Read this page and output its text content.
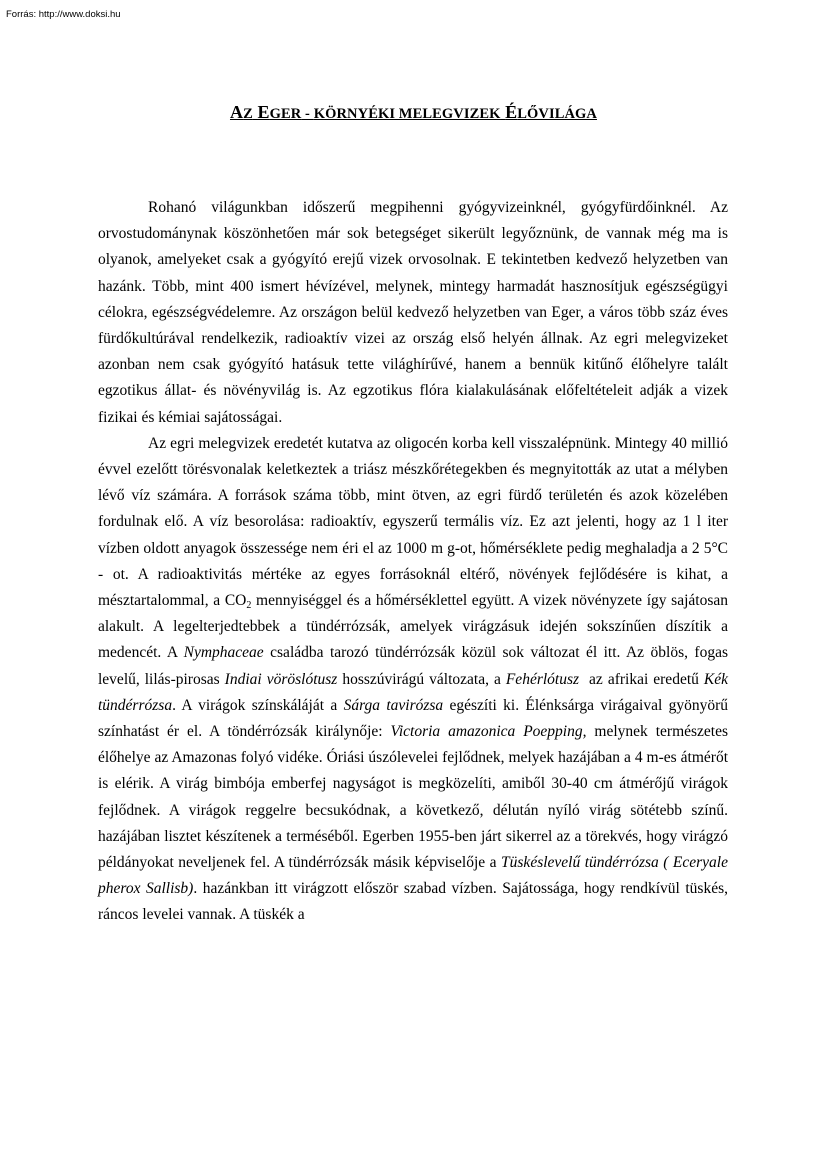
Forrás: http://www.doksi.hu
AZ EGER - KÖRNYÉKI MELEGVIZEK ÉLŐVILÁGA

Rohanó világunkban időszerű megpihenni gyógyvizeinknél, gyógyfürdőinknél. Az orvostudománynak köszönhetően már sok betegséget sikerült legyőznünk, de vannak még ma is olyanok, amelyeket csak a gyógyító erejű vizek orvosolnak. E tekintetben kedvező helyzetben van hazánk. Több, mint 400 ismert hévízével, melynek, mintegy harmadát hasznosítjuk egészségügyi célokra, egészségvédelemre. Az országon belül kedvező helyzetben van Eger, a város több száz éves fürdőkultúrával rendelkezik, radioaktív vizei az ország első helyén állnak. Az egri melegvizeket azonban nem csak gyógyító hatásuk tette világhírűvé, hanem a bennük kitűnő élőhelyre talált egzotikus állat- és növényvilág is. Az egzotikus flóra kialakulásának előfeltételeit adják a vizek fizikai és kémiai sajátosságai.

Az egri melegvizek eredetét kutatva az oligocén korba kell visszalépnünk. Mintegy 40 millió évvel ezelőtt törésvonalak keletkeztek a triász mészkőrétegekben és megnyitották az utat a mélyben lévő víz számára. A források száma több, mint ötven, az egri fürdő területén és azok közelében fordulnak elő. A víz besorolása: radioaktív, egyszerű termális víz. Ez azt jelenti, hogy az 1 l iter vízben oldott anyagok összessége nem éri el az 1000 m g-ot, hőmérséklete pedig meghaladja a 2 5°C - ot. A radioaktivitás mértéke az egyes forrásoknál eltérő, növények fejlődésére is kihat, a mésztartalommal, a $CO_2$ mennyiséggel és a hőmérséklettel együtt. A vizek növényzete így sajátosan alakult. A legelterjedtebbek a tündérrózsák, amelyek virágzásuk idején sokszínűen díszítik a medencét. A Nymphaceae családba tarozó tündérrózsák közül sok változat él itt. Az öblös, fogas levelű, lilás-pirosas Indiai vöröslótusz hosszúvirágú változata, a Fehérlótusz  az afrikai eredetű Kék tündérrózsa. A virágok színskáláját a Sárga tavirózsa egészíti ki. Élénksárga virágaival gyönyörű színhatást ér el. A töndérrózsák királynője: Victoria amazonica Poepping, melynek természetes élőhelye az Amazonas folyó vidéke. Óriási úszólevelei fejlődnek, melyek hazájában a 4 m-es átmérőt is elérik. A virág bimbója emberfej nagyságot is megközelíti, amiből 30-40 cm átmérőjű virágok fejlődnek. A virágok reggelre becsukódnak, a következő, délután nyíló virág sötétebb színű. hazájában lisztet készítenek a terméséből. Egerben 1955-ben járt sikerrel az a törekvés, hogy virágzó példányokat neveljenek fel. A tündérrózsák másik képviselője a Tüskéslevelű tündérrózsa ( Eceryale pherox Sallisb). hazánkban itt virágzott először szabad vízben. Sajátossága, hogy rendkívül tüskés, ráncos levelei vannak. A tüskék a
